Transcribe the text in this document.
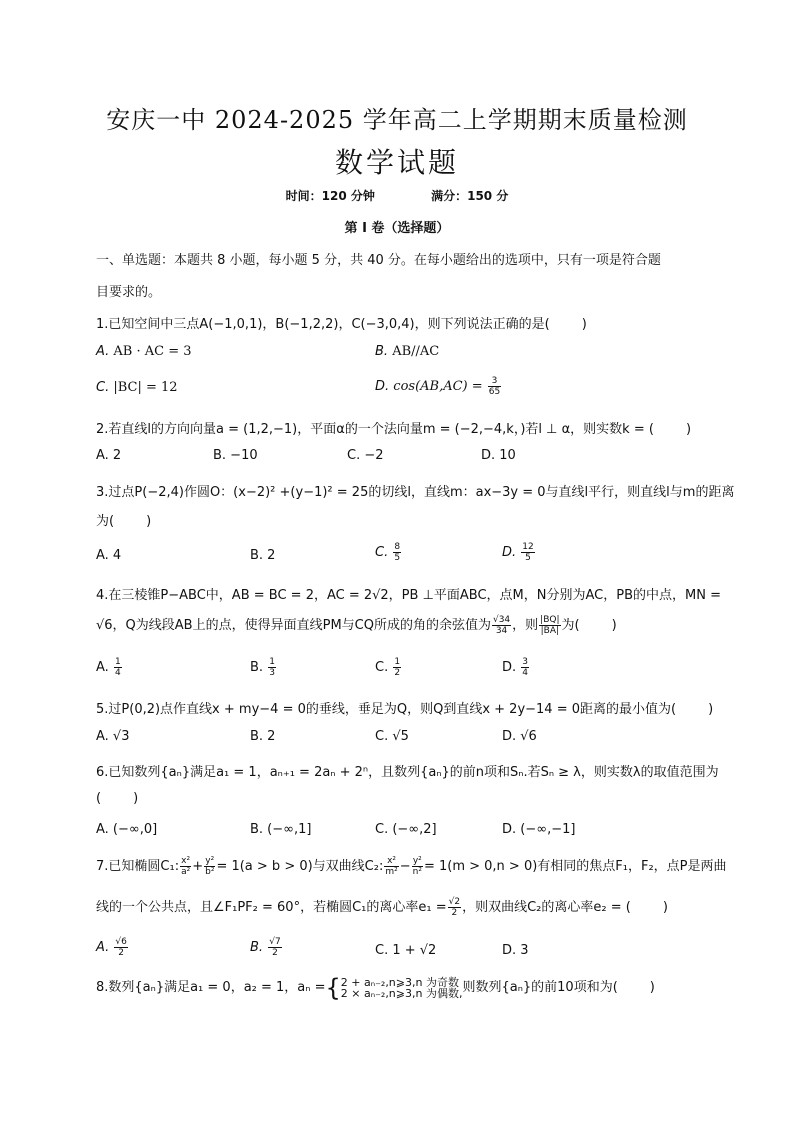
安庆一中 2024-2025 学年高二上学期期末质量检测
数学试题
时间：120 分钟	满分：150 分
第 I 卷（选择题）
一、单选题：本题共 8 小题，每小题 5 分，共 40 分。在每小题给出的选项中，只有一项是符合题
目要求的。
1.已知空间中三点A(−1,0,1)，B(−1,2,2)，C(−3,0,4)，则下列说法正确的是( )
A. AB · AC = 3	B. AB//AC
C. |BC| = 12	D. $\cos(AB,AC) = \frac{3}{65}$
2.若直线l的方向向量a = (1,2,−1)，平面α的一个法向量m = (−2,−4,k，)若l ⊥ α，则实数k = ( )
A. 2	B. −10	C. −2	D. 10
3.过点P(−2,4)作圆O：(x−2)² +(y−1)² = 25的切线l，直线m：ax−3y = 0与直线l平行，则直线l与m的距离
为( )
A. 4	B. 2	C. $\frac{8}{5}$	D. $\frac{12}{5}$
4.在三棱锥P−ABC中，AB = BC = 2，AC = 2√2，PB ⊥平面ABC，点M，N分别为AC，PB的中点，MN =
√6，Q为线段AB上的点，使得异面直线PM与CQ所成的角的余弦值为 $\frac{√34}{34}$ ，则 $\frac{|BQ|}{|BA|}$ 为( )
A. $\frac{1}{4}$	B. $\frac{1}{3}$	C. $\frac{1}{2}$	D. $\frac{3}{4}$
5.过P(0,2)点作直线x + my−4 = 0的垂线，垂足为Q，则Q到直线x + 2y−14 = 0距离的最小值为( )
A. √3	B. 2	C. √5	D. √6
6.已知数列{aₙ}满足a₁ = 1，aₙ₊₁ = 2aₙ + 2ⁿ，且数列{aₙ}的前n项和Sₙ.若Sₙ ≥ λ，则实数λ的取值范围为
( )
A. (−∞,0]	B. (−∞,1]	C. (−∞,2]	D. (−∞,−1]
7.已知椭圆C₁: $\frac{\text{x²}}{\text{a²}} + \frac{\text{y²}}{\text{b²}} = 1(a > b > 0)$与双曲线C₂: $\frac{\text{x²}}{\text{m²}} - \frac{\text{y²}}{\text{n²}} = 1(m > 0,n > 0)$有相同的焦点F₁，F₂，点P是两曲
线的一个公共点，且∠F₁PF₂ = 60°，若椭圆C₁的离心率$e_1 = \frac{√2}{2}$ ，则双曲线C₂的离心率e₂ = ( )
A. $\frac{√6}{2}$	B. $\frac{√7}{2}$	C. 1 + √2	D. 3
8.数列{aₙ}满足a₁ = 0，a₂ = 1，aₙ ={ 2 + aₙ₋₂,n⩾3,n 为奇数
2 × aₙ₋₂,n⩾3,n 为偶数, 则数列{aₙ}的前10项和为( )
